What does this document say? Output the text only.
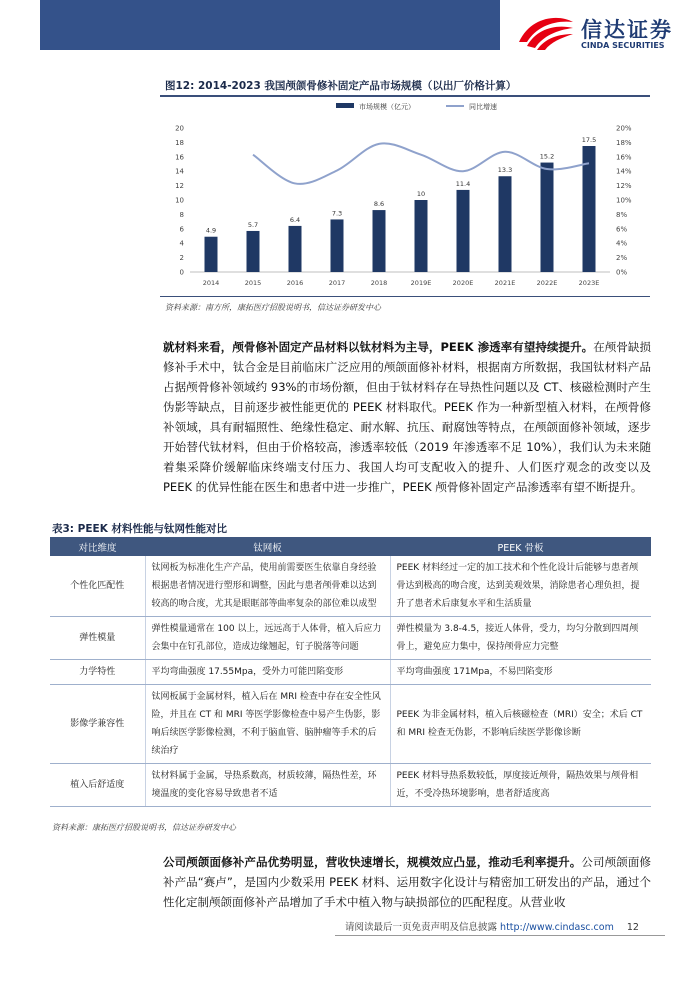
信达证券
CINDA SECURITIES
图12: 2014-2023 我国颅颌骨修补固定产品市场规模（以出厂价格计算）
市场规模（亿元）	同比增速
0
2
4
6
8
10
12
14
16
18
20
0%
2%
4%
6%
8%
10%
12%
14%
16%
18%
20%
2014	2015	2016	2017	2018	2019E	2020E	2021E	2022E	2023E
4.9
5.7
6.4
7.3
8.6
10
11.4
13.3
15.2
17.5
资料来源：南方所，康拓医疗招股说明书，信达证券研发中心
就材料来看，颅骨修补固定产品材料以钛材料为主导，PEEK 渗透率有望持续提升。在颅骨缺损修补手术中，钛合金是目前临床广泛应用的颅颌面修补材料，根据南方所数据，我国钛材料产品占据颅骨修补领域约 93%的市场份额，但由于钛材料存在导热性问题以及 CT、核磁检测时产生伪影等缺点，目前逐步被性能更优的 PEEK 材料取代。PEEK 作为一种新型植入材料，在颅骨修补领域，具有耐辐照性、绝缘性稳定、耐水解、抗压、耐腐蚀等特点，在颅颌面修补领域，逐步开始替代钛材料，但由于价格较高，渗透率较低（2019 年渗透率不足 10%），我们认为未来随着集采降价缓解临床终端支付压力、我国人均可支配收入的提升、人们医疗观念的改变以及 PEEK 的优异性能在医生和患者中进一步推广，PEEK 颅骨修补固定产品渗透率有望不断提升。
表3: PEEK 材料性能与钛网性能对比
对比维度	钛网板	PEEK 骨板
个性化匹配性	钛网板为标准化生产产品，使用前需要医生依靠自身经验根据患者情况进行塑形和调整，因此与患者颅骨难以达到较高的吻合度，尤其是眼眶部等曲率复杂的部位难以成型	PEEK 材料经过一定的加工技术和个性化设计后能够与患者颅骨达到极高的吻合度，达到美观效果，消除患者心理负担，提升了患者术后康复水平和生活质量
弹性模量	弹性模量通常在 100 以上，远远高于人体骨，植入后应力会集中在钉孔部位，造成边缘翘起，钉子脱落等问题	弹性模量为 3.8-4.5，接近人体骨，受力，均匀分散到四周颅骨上，避免应力集中，保持颅骨应力完整
力学特性	平均弯曲强度 17.55Mpa，受外力可能凹陷变形	平均弯曲强度 171Mpa，不易凹陷变形
影像学兼容性	钛网板属于金属材料，植入后在 MRI 检查中存在安全性风险，并且在 CT 和 MRI 等医学影像检查中易产生伪影，影响后续医学影像检测，不利于脑血管、脑肿瘤等手术的后续治疗	PEEK 为非金属材料，植入后核磁检查（MRI）安全；术后 CT 和 MRI 检查无伪影，不影响后续医学影像诊断
植入后舒适度	钛材料属于金属，导热系数高，材质较薄，隔热性差，环境温度的变化容易导致患者不适	PEEK 材料导热系数较低，厚度接近颅骨，隔热效果与颅骨相近，不受冷热环境影响，患者舒适度高
资料来源：康拓医疗招股说明书，信达证券研发中心
公司颅颌面修补产品优势明显，营收快速增长，规模效应凸显，推动毛利率提升。公司颅颌面修补产品“赛卢”，是国内少数采用 PEEK 材料、运用数字化设计与精密加工研发出的产品，通过个性化定制颅颌面修补产品增加了手术中植入物与缺损部位的匹配程度。从营业收
请阅读最后一页免责声明及信息披露 http://www.cindasc.com 12
